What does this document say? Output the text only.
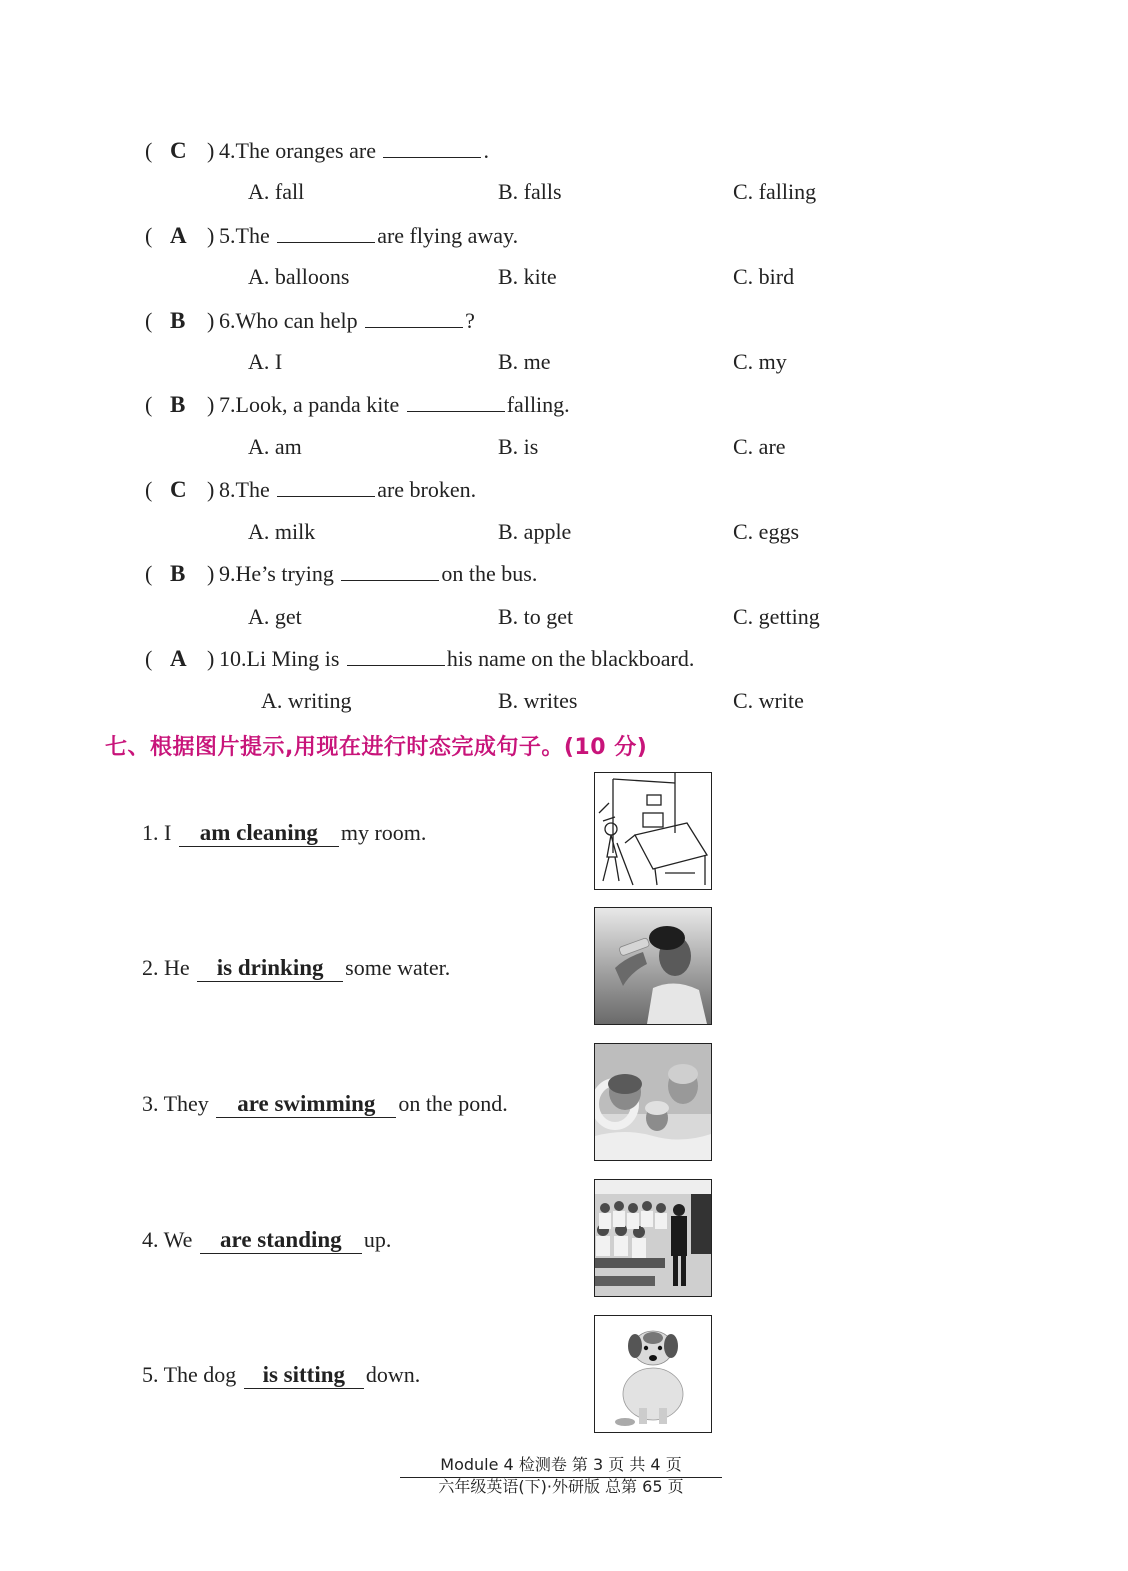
( C ) 4.The oranges are	.
A. fall	B. falls	C. falling
( A ) 5.The	are flying away.
A. balloons	B. kite	C. bird
( B ) 6.Who can help	?
A. I	B. me	C. my
( B ) 7.Look, a panda kite	falling.
A. am	B. is	C. are
( C ) 8.The	are broken.
A. milk	B. apple	C. eggs
( B ) 9.He’s trying	on the bus.
A. get	B. to get	C. getting
( A ) 10.Li Ming is	his name on the blackboard.
A. writing	B. writes	C. write
七、根据图片提示,用现在进行时态完成句子。(10 分)
1. I am cleaning my room.
2. He is drinking some water.
3. They are swimming on the pond.
4. We are standing up.
5. The dog is sitting down.
Module 4 检测卷 第 3 页 共 4 页
六年级英语(下)·外研版 总第 65 页
